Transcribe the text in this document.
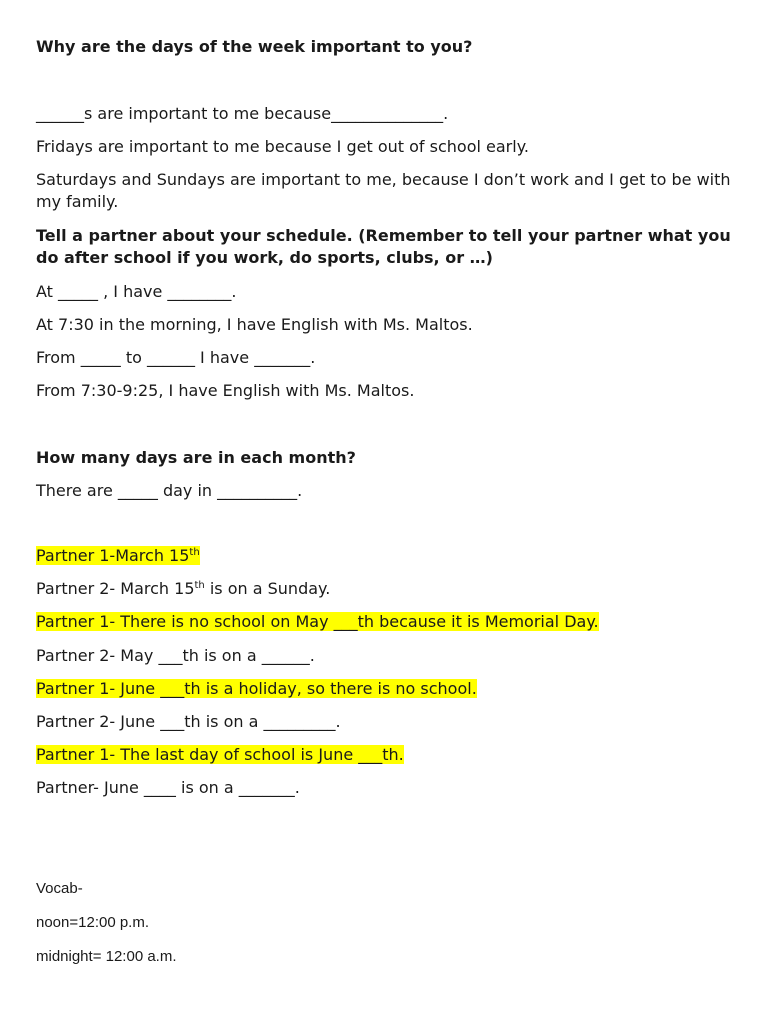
Why are the days of the week important to you?
______s are important to me because______________.
Fridays are important to me because I get out of school early.
Saturdays and Sundays are important to me, because I don’t work and I get to be with my family.
Tell a partner about your schedule. (Remember to tell your partner what you do after school if you work, do sports, clubs, or …)
At _____ , I have ________.
At 7:30 in the morning, I have English with Ms. Maltos.
From _____ to ______ I have _______.
From 7:30-9:25, I have English with Ms. Maltos.
How many days are in each month?
There are _____ day in __________.
Partner 1-March 15th
Partner 2- March 15th is on a Sunday.
Partner 1- There is no school on May ___th because it is Memorial Day.
Partner 2- May ___th is on a ______.
Partner 1- June ___th is a holiday, so there is no school.
Partner 2- June ___th is on a _________.
Partner 1- The last day of school is June ___th.
Partner- June ____ is on a _______.
Vocab-
noon=12:00 p.m.
midnight= 12:00 a.m.
